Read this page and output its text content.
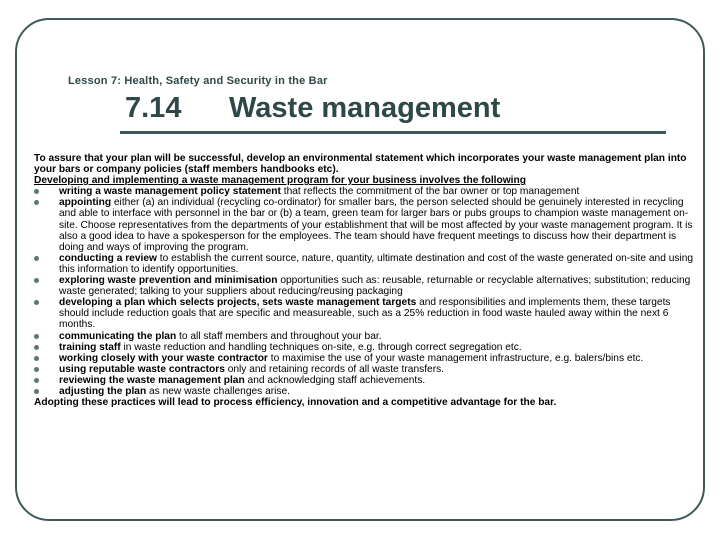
Lesson 7: Health, Safety and Security in the Bar
7.14 Waste management

To assure that your plan will be successful, develop an environmental statement which incorporates your waste management plan into your bars or company policies (staff members handbooks etc).

Developing and implementing a waste management program for your business involves the following

writing a waste management policy statement that reflects the commitment of the bar owner or top management
appointing either (a) an individual (recycling co-ordinator) for smaller bars, the person selected should be genuinely interested in recycling and able to interface with personnel in the bar or (b) a team, green team for larger bars or pubs groups to champion waste management on-site. Choose representatives from the departments of your establishment that will be most affected by your waste management program. It is also a good idea to have a spokesperson for the employees. The team should have frequent meetings to discuss how their department is doing and ways of improving the program.
conducting a review to establish the current source, nature, quantity, ultimate destination and cost of the waste generated on-site and using this information to identify opportunities.
exploring waste prevention and minimisation opportunities such as: reusable, returnable or recyclable alternatives; substitution; reducing waste generated; talking to your suppliers about reducing/reusing packaging
developing a plan which selects projects, sets waste management targets and responsibilities and implements them, these targets should include reduction goals that are specific and measureable, such as a 25% reduction in food waste hauled away within the next 6 months.
communicating the plan to all staff members and throughout your bar.
training staff in waste reduction and handling techniques on-site, e.g. through correct segregation etc.
working closely with your waste contractor to maximise the use of your waste management infrastructure, e.g. balers/bins etc.
using reputable waste contractors only and retaining records of all waste transfers.
reviewing the waste management plan and acknowledging staff achievements.
adjusting the plan as new waste challenges arise.

Adopting these practices will lead to process efficiency, innovation and a competitive advantage for the bar.
